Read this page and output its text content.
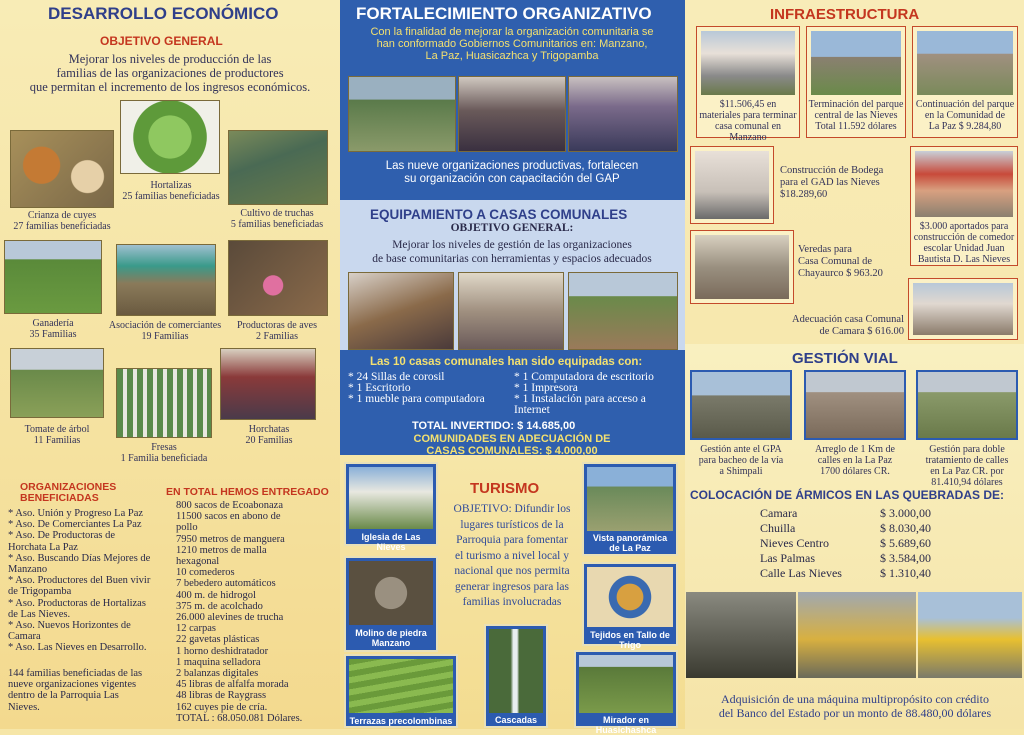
DESARROLLO ECONÓMICO
OBJETIVO GENERAL
Mejorar los niveles de producción de las
familias de las organizaciones de productores
que permitan el incremento de los ingresos económicos.
Crianza de cuyes
27 familias beneficiadas
Hortalizas
25 familias beneficiadas
Cultivo de truchas
5 familias beneficiadas
Ganadería
35 Familias
Asociación de comerciantes
19 Familias
Productoras de aves
2 Familias
Tomate de árbol
11 Familias
Fresas
1 Familia beneficiada
Horchatas
20 Familias
ORGANIZACIONES
BENEFICIADAS
* Aso. Unión y Progreso La Paz
* Aso. De Comerciantes La Paz
* Aso. De Productoras de
Horchata La Paz
* Aso. Buscando Días Mejores de
Manzano
* Aso. Productores del Buen vivir
de Trigopamba
* Aso. Productoras de Hortalizas
de Las Nieves.
* Aso. Nuevos Horizontes de
Camara
* Aso. Las Nieves en Desarrollo.
144 familias beneficiadas de las
nueve organizaciones vigentes
dentro de la Parroquia Las
Nieves.
EN TOTAL HEMOS ENTREGADO
800 sacos de Ecoabonaza
11500 sacos en abono de
pollo
7950 metros de manguera
1210 metros de malla
hexagonal
10 comederos
7 bebedero automáticos
400 m. de hidrogol
375 m. de acolchado
26.000 alevines de trucha
12 carpas
22 gavetas plásticas
1 horno deshidratador
1 maquina selladora
2 balanzas digitales
45 libras de alfalfa morada
48 libras de Raygrass
162 cuyes pie de cría.
TOTAL : 68.050.081 Dólares.
FORTALECIMIENTO ORGANIZATIVO
Con la finalidad de mejorar la organización comunitaria se
han conformado Gobiernos Comunitarios en: Manzano,
La Paz, Huasicazhca y Trigopamba
Las nueve organizaciones productivas, fortalecen
su organización con capacitación del GAP
EQUIPAMIENTO A CASAS COMUNALES
OBJETIVO GENERAL:
Mejorar los niveles de gestión de las organizaciones
de base comunitarias con herramientas y espacios adecuados
Las 10 casas comunales han sido equipadas con:
* 24 Sillas de corosil
* 1 Escritorio
* 1 mueble para computadora
* 1 Computadora de escritorio
* 1 Impresora
* 1 Instalación para acceso a
Internet
TOTAL INVERTIDO: $ 14.685,00
COMUNIDADES EN ADECUACIÓN DE
CASAS COMUNALES: $ 4.000,00
Iglesia de Las Nieves
Molino de piedra
Manzano
Terrazas precolombinas
TURISMO
OBJETIVO: Difundir los
lugares turísticos de la
Parroquia para fomentar
el turismo a nivel local y
nacional que nos permita
generar ingresos para las
familias involucradas
Cascadas
Vista panorámica
de La Paz
Tejidos en Tallo de Trigo
Mirador en Huasichashca
INFRAESTRUCTURA
$11.506,45 en
materiales para terminar
casa comunal en Manzano
Terminación del parque
central de las Nieves
Total 11.592 dólares
Continuación del parque
en la Comunidad de
La Paz $ 9.284,80
Construcción de Bodega
para el GAD las Nieves
$18.289,60
$3.000 aportados para
construcción de comedor
escolar Unidad Juan
Bautista D. Las Nieves
Veredas para
Casa Comunal de
Chayaurco $ 963.20
Adecuación casa Comunal
de Camara $ 616.00
GESTIÓN VIAL
Gestión ante el GPA
para bacheo de la vía
a Shimpali
Arreglo de 1 Km de
calles en la La Paz
1700 dólares CR.
Gestión para doble
tratamiento de calles
en La Paz CR. por
81.410,94 dólares
COLOCACIÓN DE ÁRMICOS EN LAS QUEBRADAS DE:
Camara	$ 3.000,00
Chuilla	$ 8.030,40
Nieves Centro	$ 5.689,60
Las Palmas	$ 3.584,00
Calle Las Nieves	$ 1.310,40
Adquisición de una máquina multipropósito con crédito
del Banco del Estado por un monto de 88.480,00 dólares
